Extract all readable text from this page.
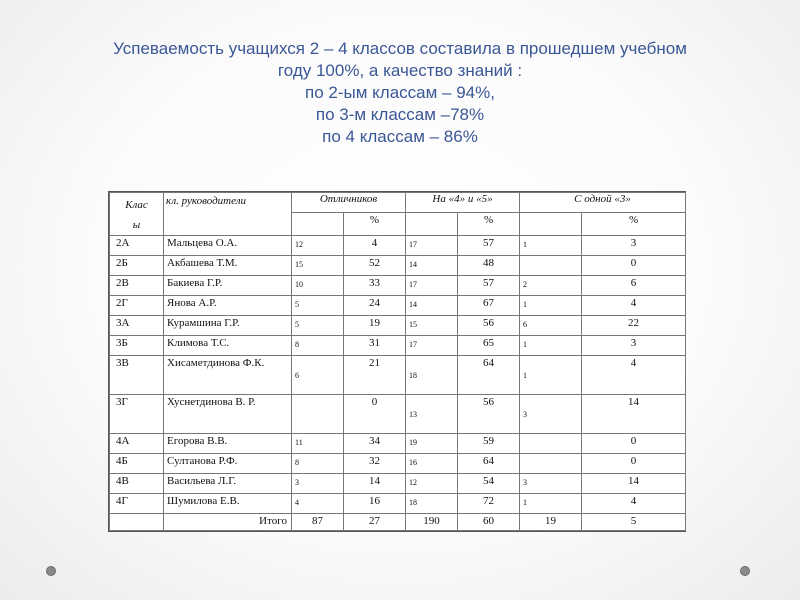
Успеваемость учащихся 2 – 4 классов составила в прошедшем учебном
году 100%, а качество знаний :
по 2-ым классам – 94%,
по 3-м классам –78%
по 4 классам – 86%
Клас
ы	кл. руководители	Отличников		На «4» и «5»		С одной «3»	
			%		%		%
2А	Мальцева О.А.	12	4	17	57	1	3
2Б	Акбашева Т.М.	15	52	14	48		0
2В	Бакиева Г.Р.	10	33	17	57	2	6
2Г	Янова А.Р.	5	24	14	67	1	4
3А	Курамшина Г.Р.	5	19	15	56	6	22
3Б	Климова Т.С.	8	31	17	65	1	3
3В	Хисаметдинова Ф.К.	6	21	18	64	1	4
3Г	Хуснетдинова В. Р.		0	13	56	3	14
4А	Егорова В.В.	11	34	19	59		0
4Б	Султанова Р.Ф.	8	32	16	64		0
4В	Васильева Л.Г.	3	14	12	54	3	14
4Г	Шумилова Е.В.	4	16	18	72	1	4
	Итого	87	27	190	60	19	5
